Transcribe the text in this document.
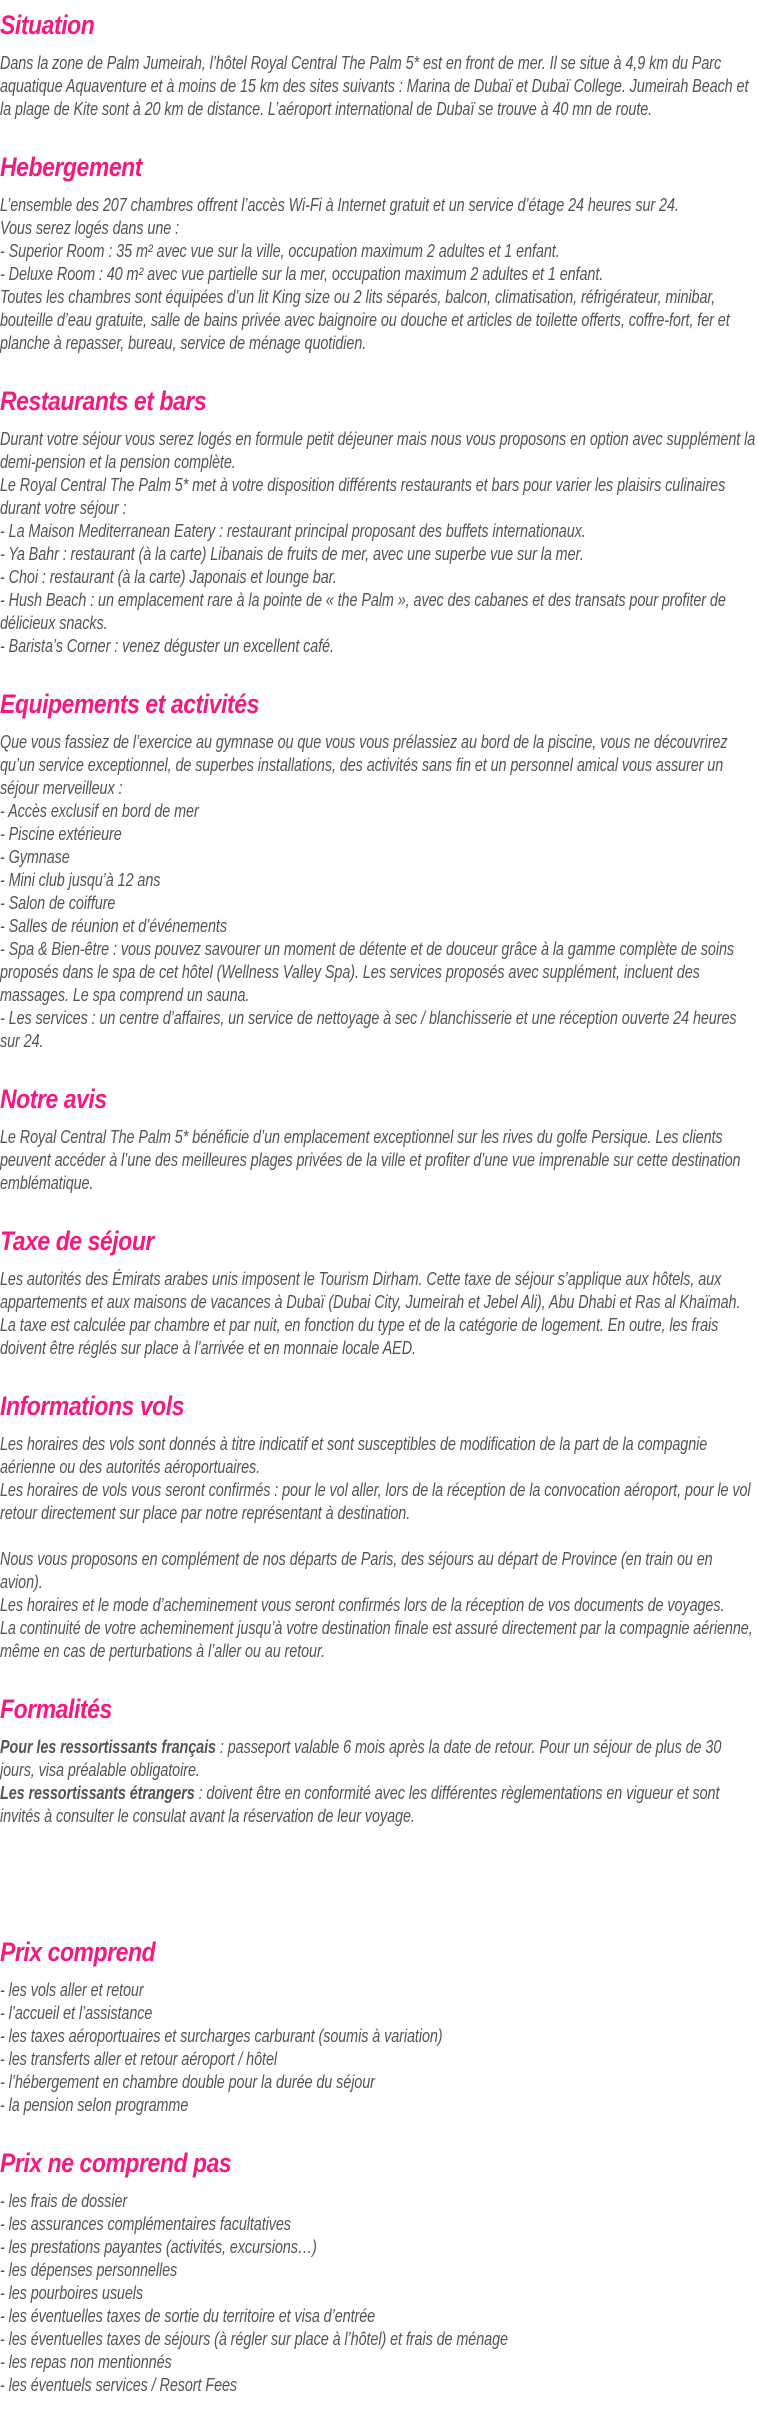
Situation

Dans la zone de Palm Jumeirah, l’hôtel Royal Central The Palm 5* est en front de mer. Il se situe à 4,9 km du Parc aquatique Aquaventure et à moins de 15 km des sites suivants : Marina de Dubaï et Dubaï College. Jumeirah Beach et la plage de Kite sont à 20 km de distance. L’aéroport international de Dubaï se trouve à 40 mn de route.

Hebergement

L’ensemble des 207 chambres offrent l’accès Wi-Fi à Internet gratuit et un service d’étage 24 heures sur 24.

Vous serez logés dans une :

- Superior Room : 35 m² avec vue sur la ville, occupation maximum 2 adultes et 1 enfant.

- Deluxe Room : 40 m² avec vue partielle sur la mer, occupation maximum 2 adultes et 1 enfant.

Toutes les chambres sont équipées d’un lit King size ou 2 lits séparés, balcon, climatisation, réfrigérateur, minibar, bouteille d’eau gratuite, salle de bains privée avec baignoire ou douche et articles de toilette offerts, coffre-fort, fer et planche à repasser, bureau, service de ménage quotidien.

Restaurants et bars

Durant votre séjour vous serez logés en formule petit déjeuner mais nous vous proposons en option avec supplément la demi-pension et la pension complète.

Le Royal Central The Palm 5* met à votre disposition différents restaurants et bars pour varier les plaisirs culinaires durant votre séjour :

- La Maison Mediterranean Eatery : restaurant principal proposant des buffets internationaux.

- Ya Bahr : restaurant (à la carte) Libanais de fruits de mer, avec une superbe vue sur la mer.

- Choi : restaurant (à la carte) Japonais et lounge bar.

- Hush Beach : un emplacement rare à la pointe de « the Palm », avec des cabanes et des transats pour profiter de délicieux snacks.

- Barista’s Corner : venez déguster un excellent café.

Equipements et activités

Que vous fassiez de l’exercice au gymnase ou que vous vous prélassiez au bord de la piscine, vous ne découvrirez qu’un service exceptionnel, de superbes installations, des activités sans fin et un personnel amical vous assurer un séjour merveilleux :

- Accès exclusif en bord de mer

- Piscine extérieure

- Gymnase

- Mini club jusqu’à 12 ans

- Salon de coiffure

- Salles de réunion et d’événements

- Spa & Bien-être : vous pouvez savourer un moment de détente et de douceur grâce à la gamme complète de soins proposés dans le spa de cet hôtel (Wellness Valley Spa). Les services proposés avec supplément, incluent des massages. Le spa comprend un sauna.

- Les services : un centre d’affaires, un service de nettoyage à sec / blanchisserie et une réception ouverte 24 heures sur 24.

Notre avis

Le Royal Central The Palm 5* bénéficie d’un emplacement exceptionnel sur les rives du golfe Persique. Les clients peuvent accéder à l’une des meilleures plages privées de la ville et profiter d’une vue imprenable sur cette destination emblématique.

Taxe de séjour

Les autorités des Émirats arabes unis imposent le Tourism Dirham. Cette taxe de séjour s’applique aux hôtels, aux appartements et aux maisons de vacances à Dubaï (Dubai City, Jumeirah et Jebel Ali), Abu Dhabi et Ras al Khaïmah. La taxe est calculée par chambre et par nuit, en fonction du type et de la catégorie de logement. En outre, les frais doivent être réglés sur place à l’arrivée et en monnaie locale AED.

Informations vols

Les horaires des vols sont donnés à titre indicatif et sont susceptibles de modification de la part de la compagnie aérienne ou des autorités aéroportuaires.

Les horaires de vols vous seront confirmés : pour le vol aller, lors de la réception de la convocation aéroport, pour le vol retour directement sur place par notre représentant à destination.

Nous vous proposons en complément de nos départs de Paris, des séjours au départ de Province (en train ou en avion).

Les horaires et le mode d’acheminement vous seront confirmés lors de la réception de vos documents de voyages.

La continuité de votre acheminement jusqu’à votre destination finale est assuré directement par la compagnie aérienne, même en cas de perturbations à l’aller ou au retour.

Formalités

Pour les ressortissants français : passeport valable 6 mois après la date de retour. Pour un séjour de plus de 30 jours, visa préalable obligatoire.

Les ressortissants étrangers : doivent être en conformité avec les différentes règlementations en vigueur et sont invités à consulter le consulat avant la réservation de leur voyage.

Prix comprend

- les vols aller et retour

- l’accueil et l’assistance

- les taxes aéroportuaires et surcharges carburant (soumis à variation)

- les transferts aller et retour aéroport / hôtel

- l’hébergement en chambre double pour la durée du séjour

- la pension selon programme

Prix ne comprend pas

- les frais de dossier

- les assurances complémentaires facultatives

- les prestations payantes (activités, excursions…)

- les dépenses personnelles

- les pourboires usuels

- les éventuelles taxes de sortie du territoire et visa d’entrée

- les éventuelles taxes de séjours (à régler sur place à l’hôtel) et frais de ménage

- les repas non mentionnés

- les éventuels services / Resort Fees
